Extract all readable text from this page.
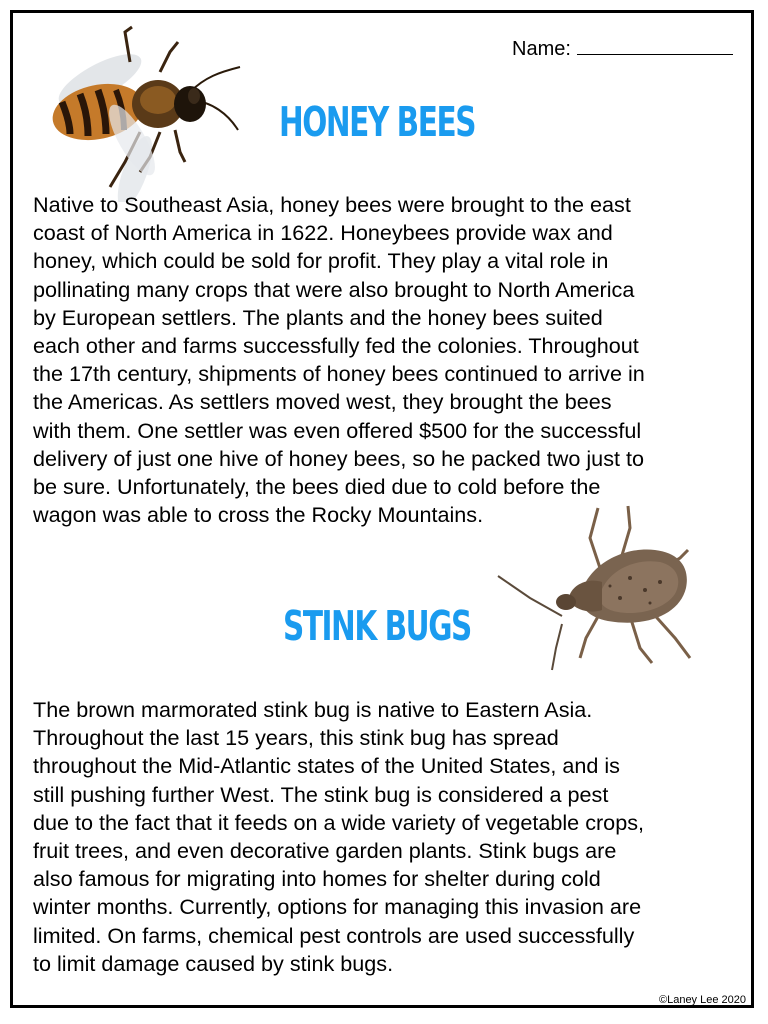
Name:
HONEY BEES
Native to Southeast Asia, honey bees were brought to the east
coast of North America in 1622. Honeybees provide wax and
honey, which could be sold for profit. They play a vital role in
pollinating many crops that were also brought to North America
by European settlers. The plants and the honey bees suited
each other and farms successfully fed the colonies. Throughout
the 17th century, shipments of honey bees continued to arrive in
the Americas. As settlers moved west, they brought the bees
with them. One settler was even offered $500 for the successful
delivery of just one hive of honey bees, so he packed two just to
be sure. Unfortunately, the bees died due to cold before the
wagon was able to cross the Rocky Mountains.
STINK BUGS
The brown marmorated stink bug is native to Eastern Asia.
Throughout the last 15 years, this stink bug has spread
throughout the Mid-Atlantic states of the United States, and is
still pushing further West. The stink bug is considered a pest
due to the fact that it feeds on a wide variety of vegetable crops,
fruit trees, and even decorative garden plants. Stink bugs are
also famous for migrating into homes for shelter during cold
winter months. Currently, options for managing this invasion are
limited. On farms, chemical pest controls are used successfully
to limit damage caused by stink bugs.
©Laney Lee 2020
